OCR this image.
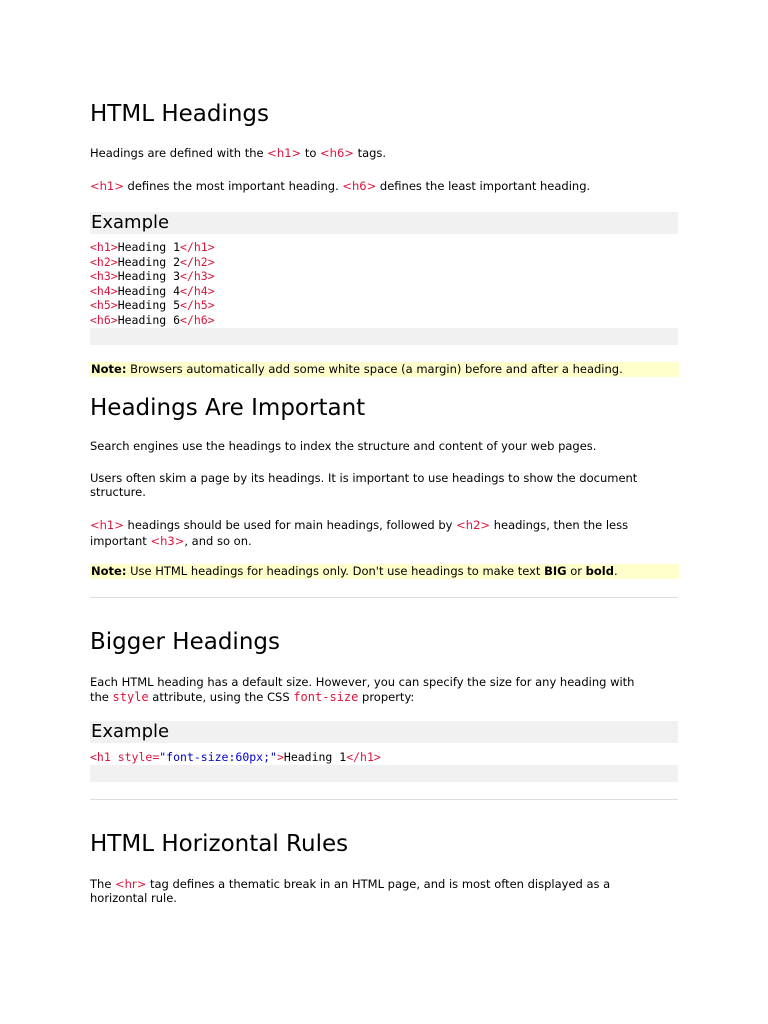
HTML Headings

Headings are defined with the <h1> to <h6> tags.

<h1> defines the most important heading. <h6> defines the least important heading.

Example
<h1>Heading 1</h1>
<h2>Heading 2</h2>
<h3>Heading 3</h3>
<h4>Heading 4</h4>
<h5>Heading 5</h5>
<h6>Heading 6</h6>
Note: Browsers automatically add some white space (a margin) before and after a heading.
Headings Are Important

Search engines use the headings to index the structure and content of your web pages.

Users often skim a page by its headings. It is important to use headings to show the document structure.

<h1> headings should be used for main headings, followed by <h2> headings, then the less important <h3>, and so on.

Note: Use HTML headings for headings only. Don't use headings to make text BIG or bold.
Bigger Headings

Each HTML heading has a default size. However, you can specify the size for any heading with the style attribute, using the CSS font-size property:

Example
<h1 style="font-size:60px;">Heading 1</h1>
HTML Horizontal Rules

The <hr> tag defines a thematic break in an HTML page, and is most often displayed as a horizontal rule.
